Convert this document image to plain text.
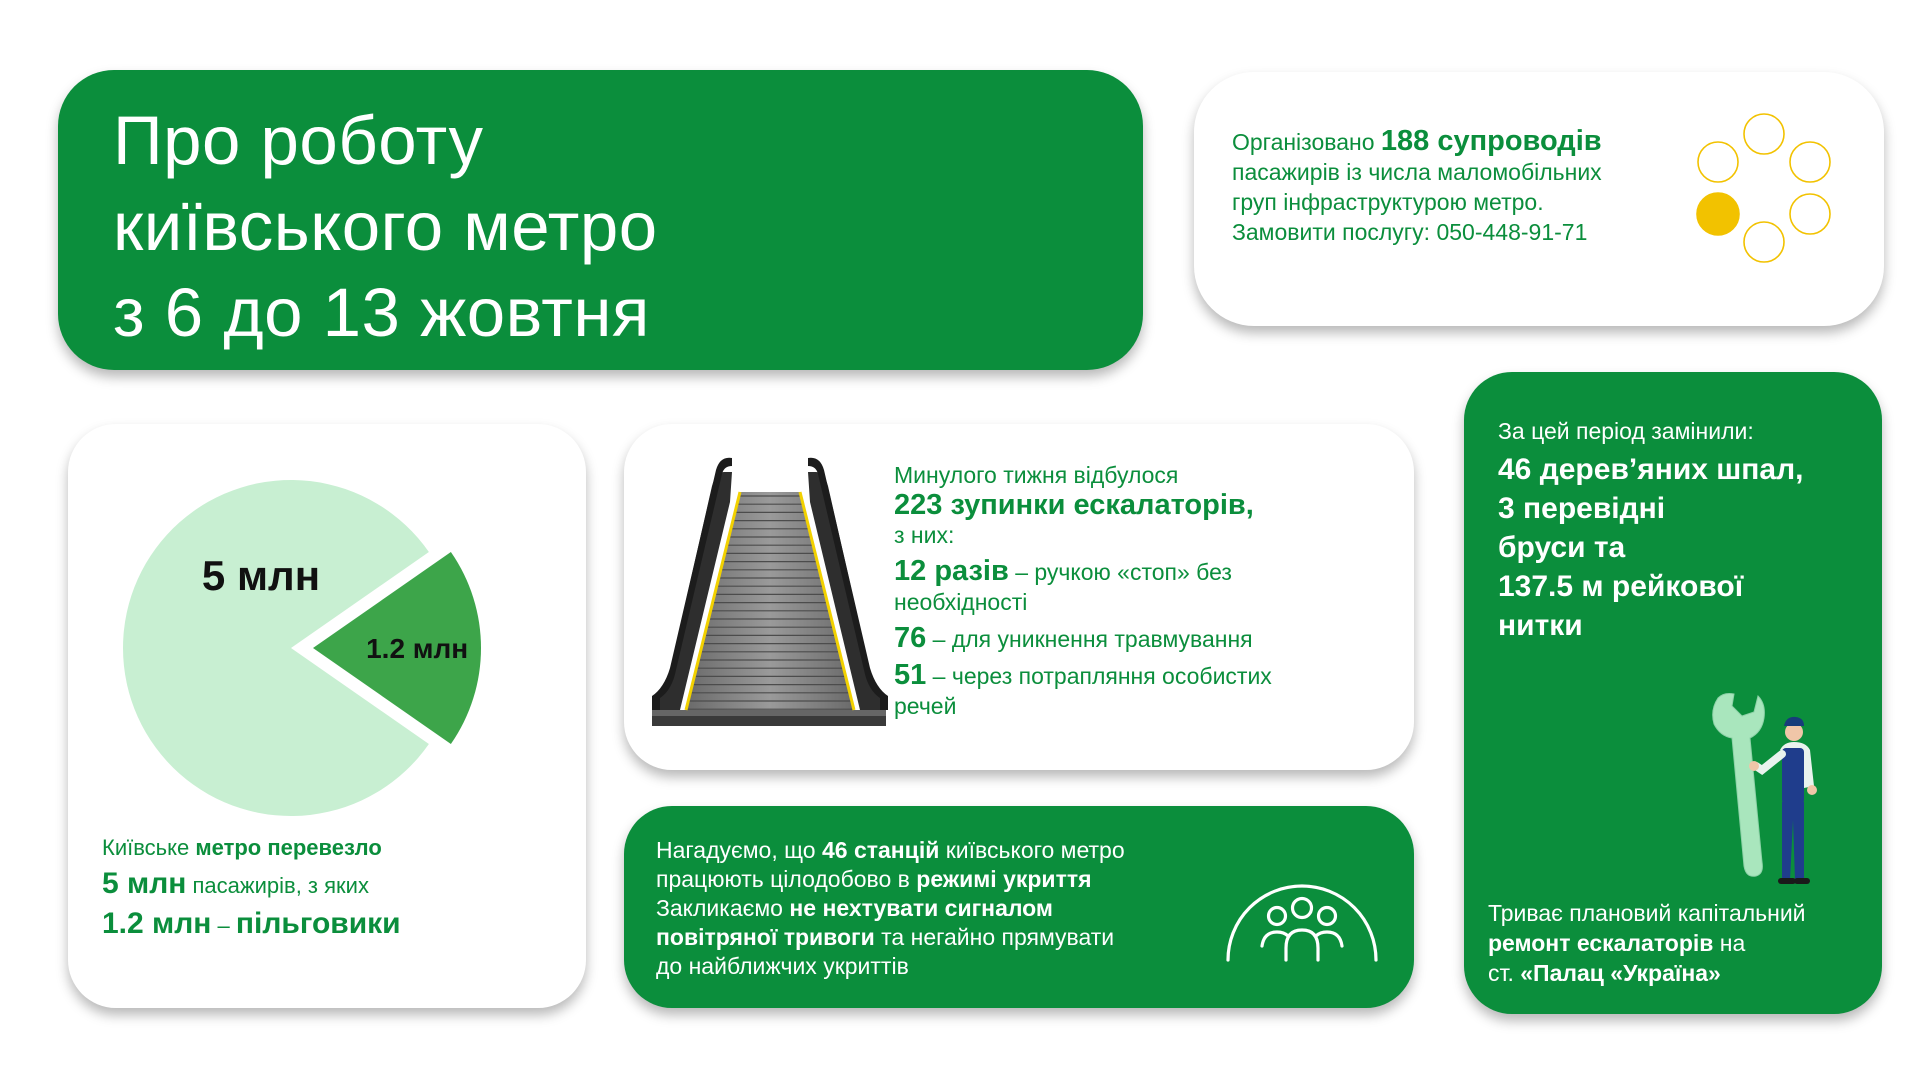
Про роботу
київського метро
з 6 до 13 жовтня
Організовано 188 супроводів
пасажирів із числа маломобільних
груп інфраструктурою метро.
Замовити послугу: 050-448-91-71
5 млн
1.2 млн
Київське метро перевезло
5 млн пасажирів, з яких
1.2 млн – пільговики
Минулого тижня відбулося
223 зупинки ескалаторів,
з них:
12 разів – ручкою «стоп» без
необхідності
76 – для уникнення травмування
51 – через потрапляння особистих
речей
Нагадуємо, що 46 станцій київського метро
працюють цілодобово в режимі укриття
Закликаємо не нехтувати сигналом
повітряної тривоги та негайно прямувати
до найближчих укриттів
За цей період замінили:
46 дерев’яних шпал,
3 перевідні
бруси та
137.5 м рейкової
нитки
Триває плановий капітальний
ремонт ескалаторів на
ст. «Палац «Україна»
